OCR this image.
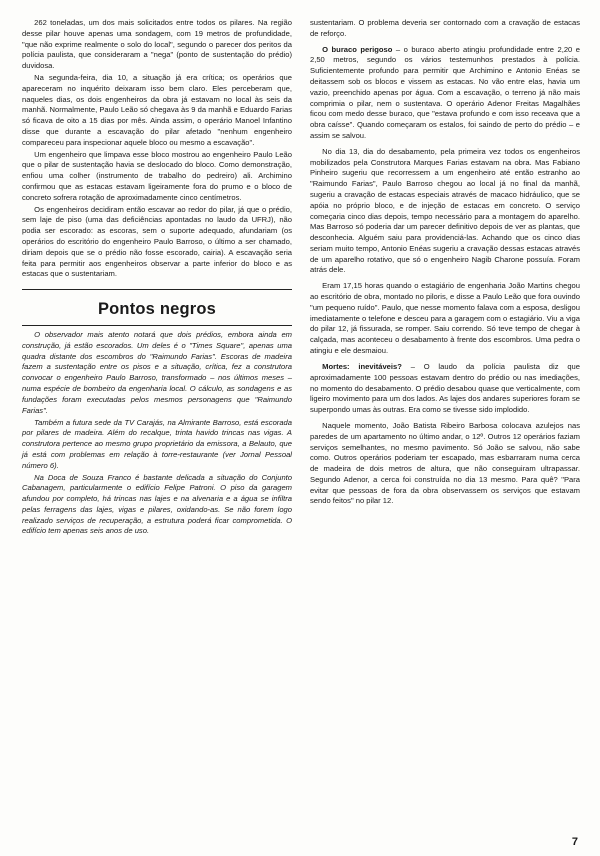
262 toneladas, um dos mais solicitados entre todos os pilares. Na região desse pilar houve apenas uma sondagem, com 19 metros de profundidade, "que não exprime realmente o solo do local", segundo o parecer dos peritos da polícia paulista, que consideraram a "nega" (ponto de sustentação do prédio) duvidosa.

Na segunda-feira, dia 10, a situação já era crítica; os operários que apareceram no inquérito deixaram isso bem claro. Eles perceberam que, naqueles dias, os dois engenheiros da obra já estavam no local às seis da manhã. Normalmente, Paulo Leão só chegava às 9 da manhã e Eduardo Farias só ficava de oito a 15 dias por mês. Ainda assim, o operário Manoel Infantino disse que durante a escavação do pilar afetado "nenhum engenheiro compareceu para inspecionar aquele bloco ou mesmo a escavação".

Um engenheiro que limpava esse bloco mostrou ao engenheiro Paulo Leão que o pilar de sustentação havia se deslocado do bloco. Como demonstração, enfiou uma colher (instrumento de trabalho do pedreiro) ali. Archimino confirmou que as estacas estavam ligeiramente fora do prumo e o bloco de concreto sofrera rotação de aproximadamente cinco centímetros.

Os engenheiros decidiram então escavar ao redor do pilar, já que o prédio, sem laje de piso (uma das deficiências apontadas no laudo da UFRJ), não podia ser escorado: as escoras, sem o suporte adequado, afundariam (os operários do escritório do engenheiro Paulo Barroso, o último a ser chamado, diriam depois que se o prédio não fosse escorado, cairia). A escavação seria feita para permitir aos engenheiros observar a parte inferior do bloco e as estacas que o sustentariam.

Pontos negros

O observador mais atento notará que dois prédios, embora ainda em construção, já estão escorados. Um deles é o "Times Square", apenas uma quadra distante dos escombros do "Raimundo Farias". Escoras de madeira fazem a sustentação entre os pisos e a situação, crítica, fez a construtora convocar o engenheiro Paulo Barroso, transformado – nos últimos meses – numa espécie de bombeiro da engenharia local. O cálculo, as sondagens e as fundações foram executadas pelos mesmos personagens que "Raimundo Farias".

Também a futura sede da TV Carajás, na Almirante Barroso, está escorada por pilares de madeira. Além do recalque, trinta havido trincas nas vigas. A construtora pertence ao mesmo grupo proprietário da emissora, a Belauto, que já está com problemas em relação à torre-restaurante (ver Jornal Pessoal número 6).

Na Doca de Souza Franco é bastante delicada a situação do Conjunto Cabanagem, particularmente o edifício Felipe Patroni. O piso da garagem afundou por completo, há trincas nas lajes e na alvenaria e a água se infiltra pelas ferragens das lajes, vigas e pilares, oxidando-as. Se não forem logo realizado serviços de recuperação, a estrutura poderá ficar comprometida. O edifício tem apenas seis anos de uso.

sustentariam. O problema deveria ser contornado com a cravação de estacas de reforço.

O buraco perigoso – o buraco aberto atingiu profundidade entre 2,20 e 2,50 metros, segundo os vários testemunhos prestados à polícia. Suficientemente profundo para permitir que Archimino e Antonio Enéas se deitassem sob os blocos e vissem as estacas. No vão entre elas, havia um vazio, preenchido apenas por água. Com a escavação, o terreno já não mais comprimia o pilar, nem o sustentava. O operário Adenor Freitas Magalhães ficou com medo desse buraco, que "estava profundo e com isso receava que a obra caísse". Quando começaram os estalos, foi saindo de perto do prédio – e assim se salvou.

No dia 13, dia do desabamento, pela primeira vez todos os engenheiros mobilizados pela Construtora Marques Farias estavam na obra. Mas Fabiano Pinheiro sugeriu que recorressem a um engenheiro até então estranho ao "Raimundo Farias", Paulo Barroso chegou ao local já no final da manhã, sugeriu a cravação de estacas especiais através de macaco hidráulico, que se apóia no próprio bloco, e de injeção de estacas em concreto. O serviço começaria cinco dias depois, tempo necessário para a montagem do aparelho. Mas Barroso só poderia dar um parecer definitivo depois de ver as plantas, que desconhecia. Alguém saiu para providenciá-las. Achando que os cinco dias seriam muito tempo, Antonio Enéas sugeriu a cravação dessas estacas através de um aparelho rotativo, que só o engenheiro Nagib Charone possuía. Foram atrás dele.

Eram 17,15 horas quando o estagiário de engenharia João Martins chegou ao escritório de obra, montado no piloris, e disse a Paulo Leão que fora ouvindo "um pequeno ruído". Paulo, que nesse momento falava com a esposa, desligou imediatamente o telefone e desceu para a garagem com o estagiário. Viu a viga do pilar 12, já fissurada, se romper. Saiu correndo. Só teve tempo de chegar à calçada, mas aconteceu o desabamento à frente dos escombros. Uma pedra o atingiu e ele desmaiou.

Mortes: inevitáveis? – O laudo da polícia paulista diz que aproximadamente 100 pessoas estavam dentro do prédio ou nas imediações, no momento do desabamento. O prédio desabou quase que verticalmente, com ligeiro movimento para um dos lados. As lajes dos andares superiores foram se superpondo umas às outras. Era como se tivesse sido implodido.

Naquele momento, João Batista Ribeiro Barbosa colocava azulejos nas paredes de um apartamento no último andar, o 12º. Outros 12 operários faziam serviços semelhantes, no mesmo pavimento. Só João se salvou, não sabe como. Outros operários poderiam ter escapado, mas esbarraram numa cerca de madeira de dois metros de altura, que não conseguiram ultrapassar. Segundo Adenor, a cerca foi construída no dia 13 mesmo. Para quê? "Para evitar que pessoas de fora da obra observassem os serviços que estavam sendo feitos" no pilar 12.

7
